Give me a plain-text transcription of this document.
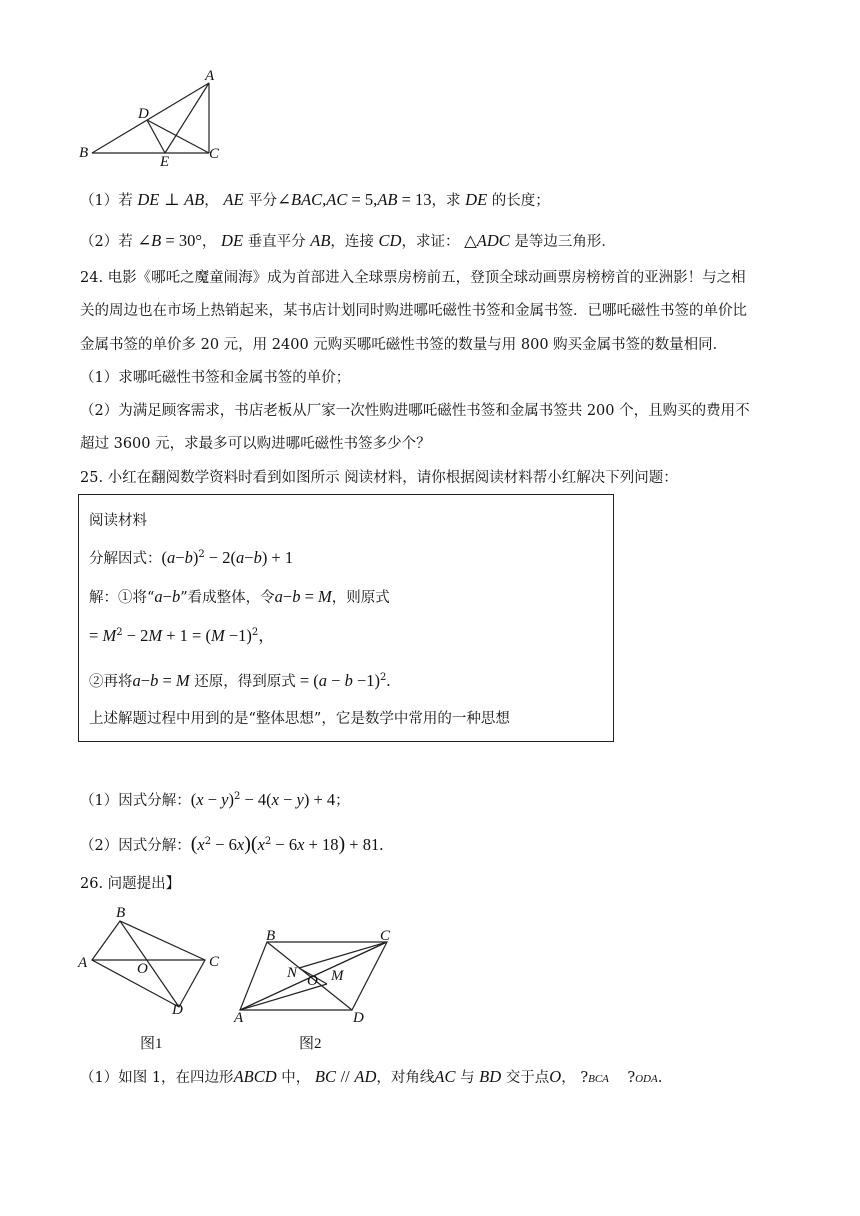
A
D
B
E	C
（1）若 DE ⊥ AB， AE 平分∠BAC,AC = 5,AB = 13，求 DE 的长度；
（2）若 ∠B = 30°， DE 垂直平分 AB，连接 CD，求证： △ADC 是等边三角形．
24. 电影《哪吒之魔童闹海》成为首部进入全球票房榜前五，登顶全球动画票房榜榜首的亚洲影！与之相
关的周边也在市场上热销起来，某书店计划同时购进哪吒磁性书签和金属书签．已哪吒磁性书签的单价比
金属书签的单价多 20 元，用 2400 元购买哪吒磁性书签的数量与用 800 购买金属书签的数量相同．
（1）求哪吒磁性书签和金属书签的单价；
（2）为满足顾客需求，书店老板从厂家一次性购进哪吒磁性书签和金属书签共 200 个，且购买的费用不
超过 3600 元，求最多可以购进哪吒磁性书签多少个？
25. 小红在翻阅数学资料时看到如图所示 阅读材料，请你根据阅读材料帮小红解决下列问题：
阅读材料
分解因式：$(a-b)^2 - 2(a-b) + 1$
解：①将“a−b”看成整体，令a−b = M，则原式
= $M^2 - 2M + 1 = (M -1)^2$，
②再将a−b = M 还原，得到原式 = $(a - b -1)^2$.
上述解题过程中用到的是“整体思想”，它是数学中常用的一种思想
（1）因式分解：$(x - y)^2 - 4(x - y) + 4$；
（2）因式分解：$(x^2 - 6x)(x^2 - 6x + 18) + 81$.
26. 问题提出】
B
A	O	C
D
图1
B	C
N O M
A	D
图2
（1）如图 1，在四边形ABCD 中， BC // AD，对角线AC 与 BD 交于点O， ?BCA ?ODA.
